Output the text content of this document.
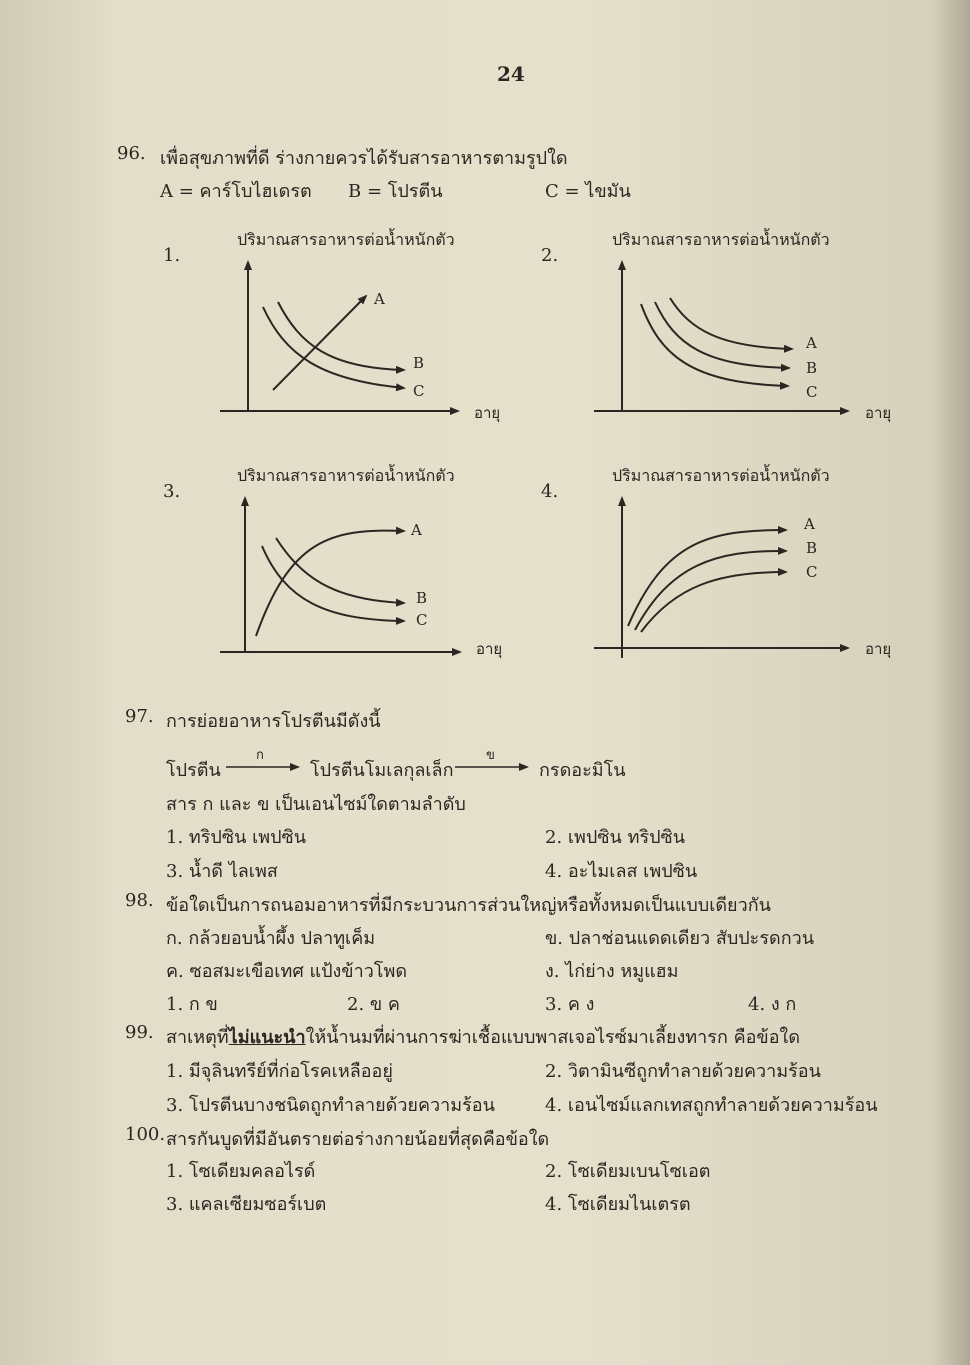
24
96. เพื่อสุขภาพที่ดี ร่างกายควรได้รับสารอาหารตามรูปใด
A = คาร์โบไฮเดรต B = โปรตีน	C = ไขมัน
1.
ปริมาณสารอาหารต่อน้ำหนักตัว
2.
ปริมาณสารอาหารต่อน้ำหนักตัว
3.
ปริมาณสารอาหารต่อน้ำหนักตัว
4.
ปริมาณสารอาหารต่อน้ำหนักตัว
อายุ	อายุ
อายุ	อายุ
A
B
C
A
B
C
A
B
C
A
B
C
97. การย่อยอาหารโปรตีนมีดังนี้
โปรตีน
ก
โปรตีนโมเลกุลเล็ก
ข
กรดอะมิโน
สาร ก และ ข เป็นเอนไซม์ใดตามลำดับ
1. ทริปซิน เพปซิน	2. เพปซิน ทริปซิน
3. น้ำดี ไลเพส	4. อะไมเลส เพปซิน
98. ข้อใดเป็นการถนอมอาหารที่มีกระบวนการส่วนใหญ่หรือทั้งหมดเป็นแบบเดียวกัน
ก. กล้วยอบน้ำผึ้ง ปลาทูเค็ม	ข. ปลาช่อนแดดเดียว สับปะรดกวน
ค. ซอสมะเขือเทศ แป้งข้าวโพด	ง. ไก่ย่าง หมูแฮม
1. ก ข	2. ข ค	3. ค ง	4. ง ก
99. สาเหตุที่ไม่แนะนำให้น้ำนมที่ผ่านการฆ่าเชื้อแบบพาสเจอไรซ์มาเลี้ยงทารก คือข้อใด
1. มีจุลินทรีย์ที่ก่อโรคเหลืออยู่	2. วิตามินซีถูกทำลายด้วยความร้อน
3. โปรตีนบางชนิดถูกทำลายด้วยความร้อน	4. เอนไซม์แลกเทสถูกทำลายด้วยความร้อน
100. สารกันบูดที่มีอันตรายต่อร่างกายน้อยที่สุดคือข้อใด
1. โซเดียมคลอไรด์	2. โซเดียมเบนโซเอต
3. แคลเซียมซอร์เบต	4. โซเดียมไนเตรต
